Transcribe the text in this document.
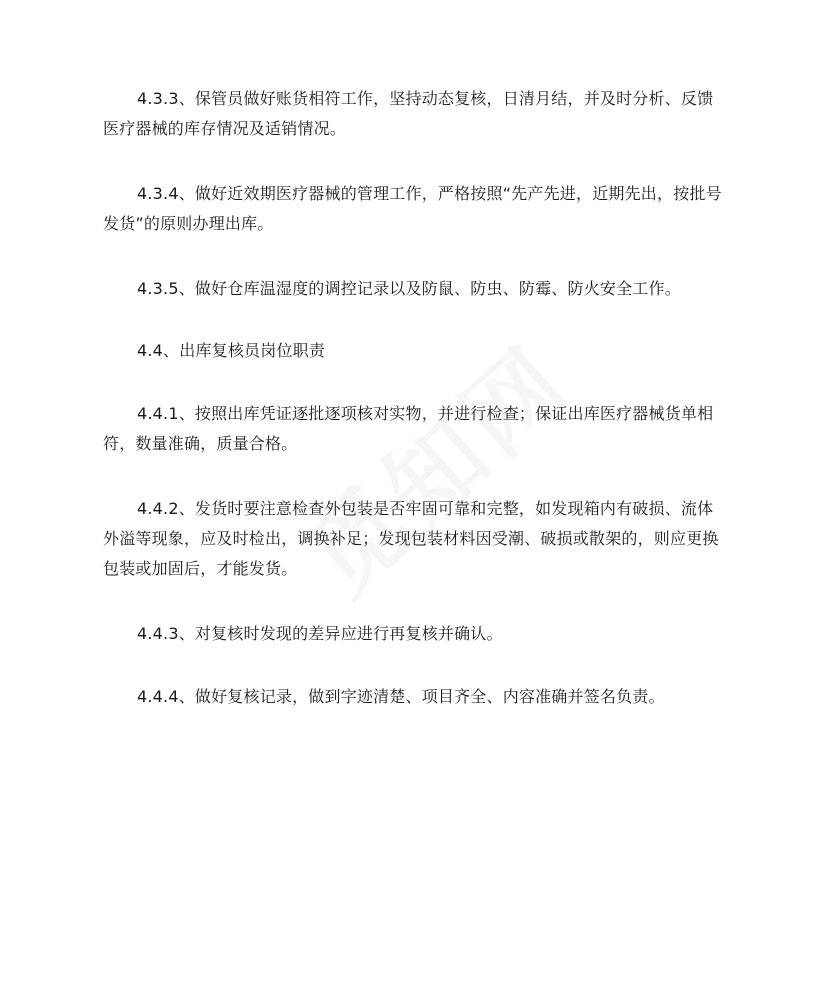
4.3.3、保管员做好账货相符工作，坚持动态复核，日清月结，并及时分析、反馈医疗器械的库存情况及适销情况。

4.3.4、做好近效期医疗器械的管理工作，严格按照“先产先进，近期先出，按批号发货”的原则办理出库。

4.3.5、做好仓库温湿度的调控记录以及防鼠、防虫、防霉、防火安全工作。

4.4、出库复核员岗位职责

4.4.1、按照出库凭证逐批逐项核对实物，并进行检查；保证出库医疗器械货单相符，数量准确，质量合格。

4.4.2、发货时要注意检查外包装是否牢固可靠和完整，如发现箱内有破损、流体外溢等现象，应及时检出，调换补足；发现包装材料因受潮、破损或散架的，则应更换包装或加固后，才能发货。

4.4.3、对复核时发现的差异应进行再复核并确认。

4.4.4、做好复核记录，做到字迹清楚、项目齐全、内容准确并签名负责。
